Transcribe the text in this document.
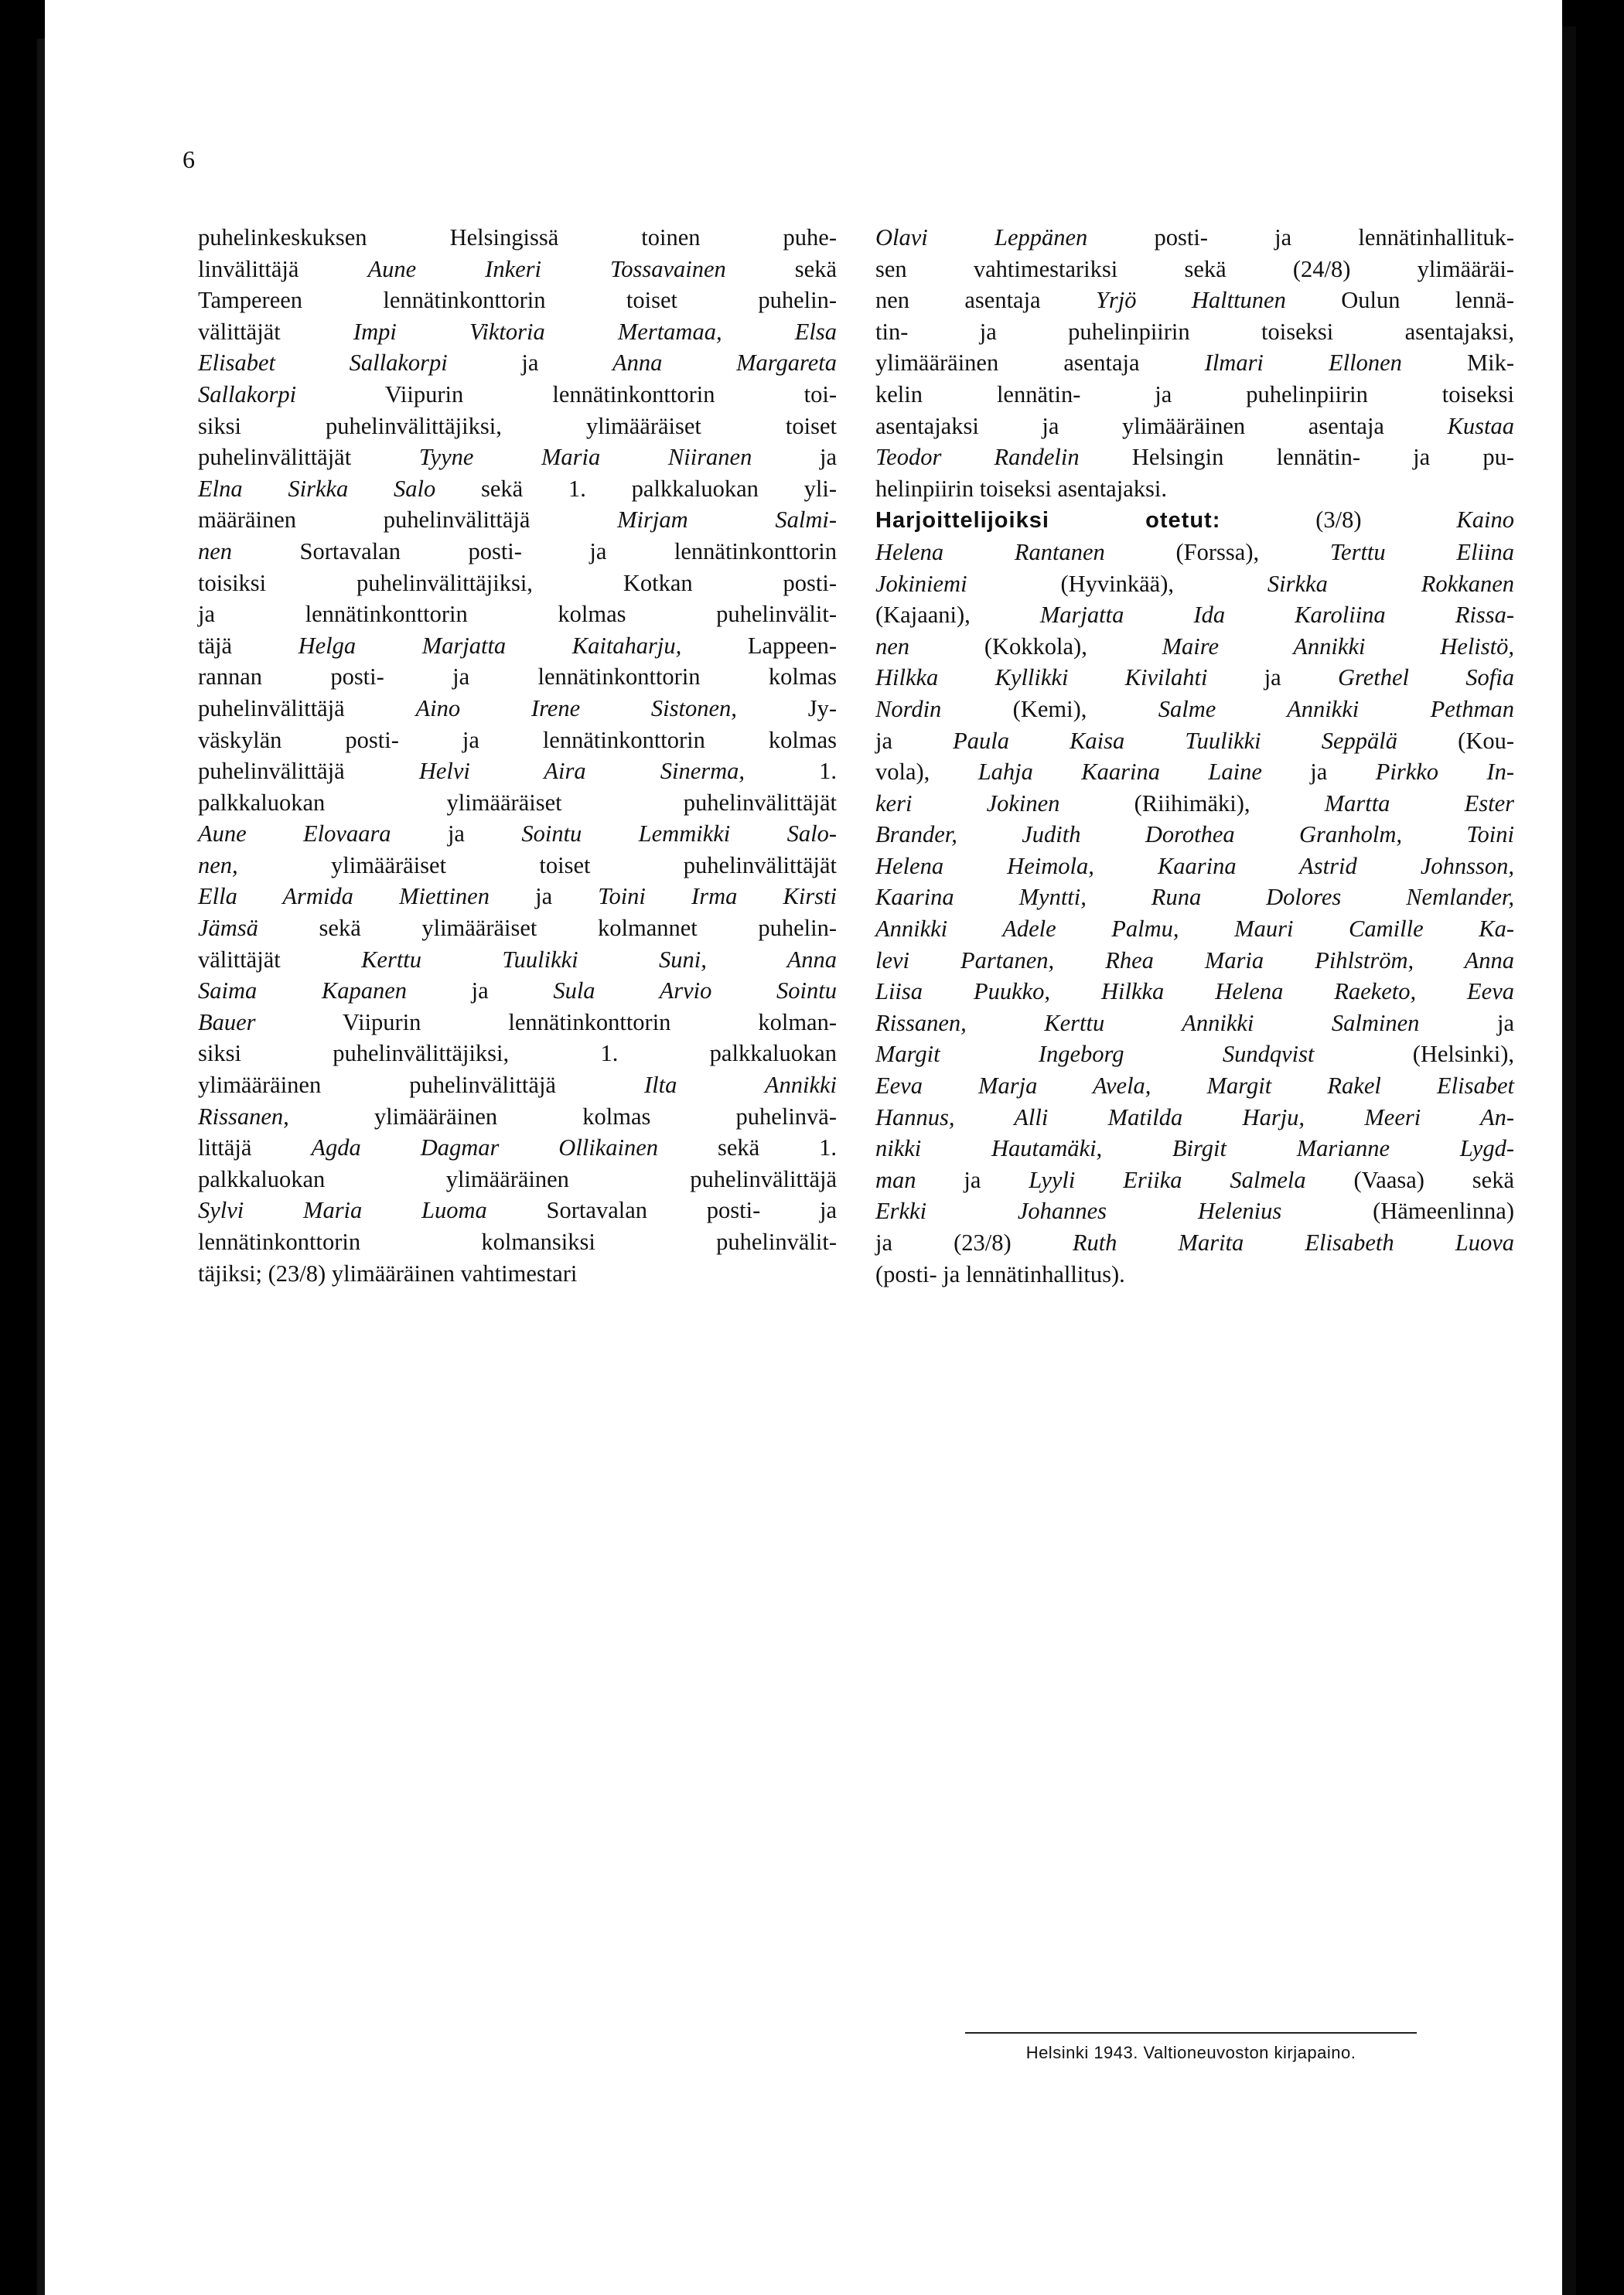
6
puhelinkeskuksen Helsingissä toinen puhe-
linvälittäjä Aune Inkeri Tossavainen sekä
Tampereen lennätinkonttorin toiset puhelin-
välittäjät Impi Viktoria Mertamaa, Elsa
Elisabet Sallakorpi ja Anna Margareta
Sallakorpi Viipurin lennätinkonttorin toi-
siksi puhelinvälittäjiksi, ylimääräiset toiset
puhelinvälittäjät Tyyne Maria Niiranen ja
Elna Sirkka Salo sekä 1. palkkaluokan yli-
määräinen puhelinvälittäjä Mirjam Salmi-
nen Sortavalan posti- ja lennätinkonttorin
toisiksi puhelinvälittäjiksi, Kotkan posti-
ja lennätinkonttorin kolmas puhelinvälit-
täjä Helga Marjatta Kaitaharju, Lappeen-
rannan posti- ja lennätinkonttorin kolmas
puhelinvälittäjä Aino Irene Sistonen, Jy-
väskylän posti- ja lennätinkonttorin kolmas
puhelinvälittäjä Helvi Aira Sinerma, 1.
palkkaluokan ylimääräiset puhelinvälittäjät
Aune Elovaara ja Sointu Lemmikki Salo-
nen, ylimääräiset toiset puhelinvälittäjät
Ella Armida Miettinen ja Toini Irma Kirsti
Jämsä sekä ylimääräiset kolmannet puhelin-
välittäjät Kerttu Tuulikki Suni, Anna
Saima Kapanen ja Sula Arvio Sointu
Bauer Viipurin lennätinkonttorin kolman-
siksi puhelinvälittäjiksi, 1. palkkaluokan
ylimääräinen puhelinvälittäjä Ilta Annikki
Rissanen, ylimääräinen kolmas puhelinvä-
littäjä Agda Dagmar Ollikainen sekä 1.
palkkaluokan ylimääräinen puhelinvälittäjä
Sylvi Maria Luoma Sortavalan posti- ja
lennätinkonttorin kolmansiksi puhelinvälit-
täjiksi; (23/8) ylimääräinen vahtimestari
Olavi Leppänen posti- ja lennätinhallituk-
sen vahtimestariksi sekä (24/8) ylimääräi-
nen asentaja Yrjö Halttunen Oulun lennä-
tin- ja puhelinpiirin toiseksi asentajaksi,
ylimääräinen asentaja Ilmari Ellonen Mik-
kelin lennätin- ja puhelinpiirin toiseksi
asentajaksi ja ylimääräinen asentaja Kustaa
Teodor Randelin Helsingin lennätin- ja pu-
helinpiirin toiseksi asentajaksi.
Harjoittelijoiksi otetut: (3/8) Kaino
Helena Rantanen (Forssa), Terttu Eliina
Jokiniemi (Hyvinkää), Sirkka Rokkanen
(Kajaani), Marjatta Ida Karoliina Rissa-
nen (Kokkola), Maire Annikki Helistö,
Hilkka Kyllikki Kivilahti ja Grethel Sofia
Nordin (Kemi), Salme Annikki Pethman
ja Paula Kaisa Tuulikki Seppälä (Kou-
vola), Lahja Kaarina Laine ja Pirkko In-
keri Jokinen (Riihimäki), Martta Ester
Brander, Judith Dorothea Granholm, Toini
Helena Heimola, Kaarina Astrid Johnsson,
Kaarina Myntti, Runa Dolores Nemlander,
Annikki Adele Palmu, Mauri Camille Ka-
levi Partanen, Rhea Maria Pihlström, Anna
Liisa Puukko, Hilkka Helena Raeketo, Eeva
Rissanen, Kerttu Annikki Salminen ja
Margit Ingeborg Sundqvist (Helsinki),
Eeva Marja Avela, Margit Rakel Elisabet
Hannus, Alli Matilda Harju, Meeri An-
nikki Hautamäki, Birgit Marianne Lygd-
man ja Lyyli Eriika Salmela (Vaasa) sekä
Erkki Johannes Helenius (Hämeenlinna)
ja (23/8) Ruth Marita Elisabeth Luova
(posti- ja lennätinhallitus).
Helsinki 1943. Valtioneuvoston kirjapaino.
